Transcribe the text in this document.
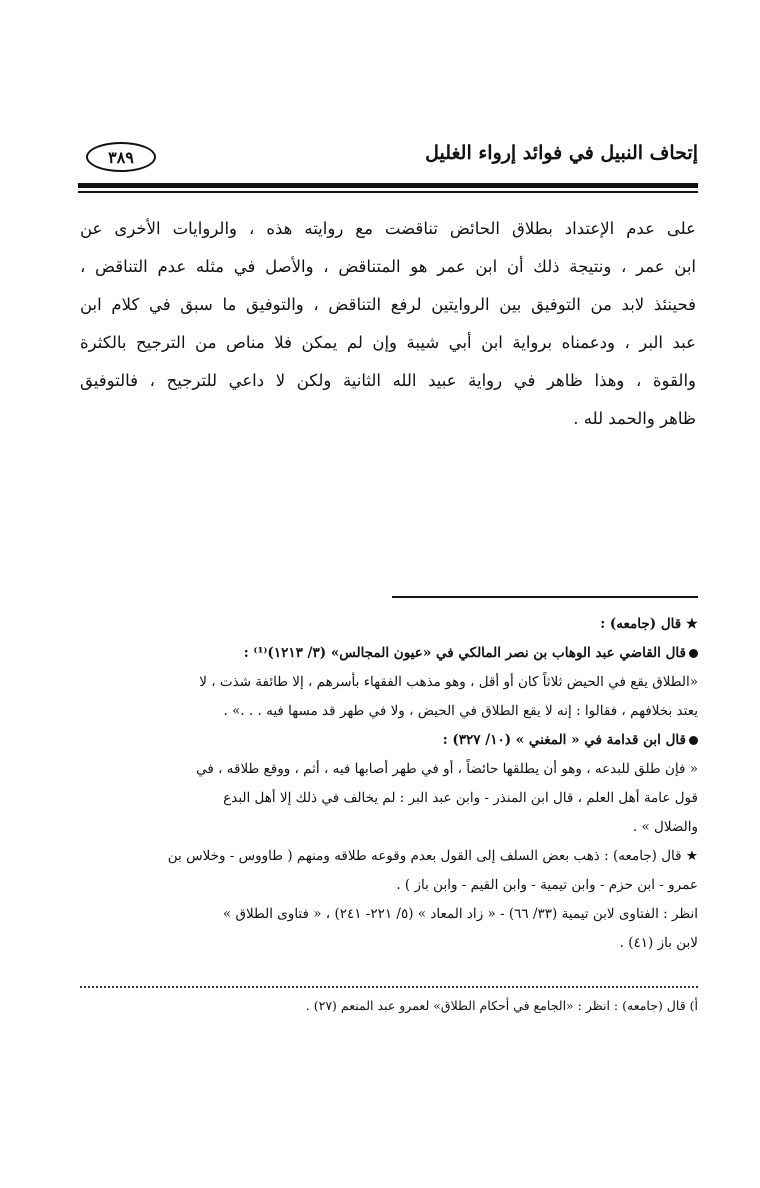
إتحاف النبيل في فوائد إرواء الغليل
٣٨٩
على عدم الإعتداد بطلاق الحائض تناقضت مع روايته هذه ، والروايات الأخرى عن
ابن عمر ، ونتيجة ذلك أن ابن عمر هو المتناقض ، والأصل في مثله عدم التناقض ،
فحينئذ لابد من التوفيق بين الروايتين لرفع التناقض ، والتوفيق ما سبق في كلام ابن
عبد البر ، ودعمناه برواية ابن أبي شيبة وإن لم يمكن فلا مناص من الترجيح بالكثرة
والقوة ، وهذا ظاهر في رواية عبيد الله الثانية ولكن لا داعي للترجيح ، فالتوفيق
ظاهر والحمد لله .
★ قال (جامعه) :
قال القاضي عبد الوهاب بن نصر المالكي في «عيون المجالس» (٣/ ١٢١٣)⁽¹⁾ :
«الطلاق يقع في الحيض ثلاثاً كان أو أقل ، وهو مذهب الفقهاء بأسرهم ، إلا طائفة شذت ، لا
يعتد بخلافهم ، فقالوا : إنه لا يقع الطلاق في الحيض ، ولا في طهر قد مسها فيه . . .» .
قال ابن قدامة في « المغني » (١٠/ ٣٢٧) :
« فإن طلق للبدعه ، وهو أن يطلقها حائضاً ، أو في طهر أصابها فيه ، أثم ، ووقع طلاقه ، في
قول عامة أهل العلم ، قال ابن المنذر - وابن عبد البر : لم يخالف في ذلك إلا أهل البدع
والضلال » .
★ قال (جامعه) : ذهب بعض السلف إلى القول بعدم وقوعه طلاقه ومنهم ( طاووس - وخلاس بن
عمرو - ابن حزم - وابن تيمية - وابن القيم - وابن باز ) .
انظر : الفتاوى لابن تيمية (٣٣/ ٦٦) - « زاد المعاد » (٥/ ٢٢١- ٢٤١) ، « فتاوى الطلاق »
لابن باز (٤١) .
أ) قال (جامعه) : انظر : «الجامع في أحكام الطلاق» لعمرو عبد المنعم (٢٧) .
